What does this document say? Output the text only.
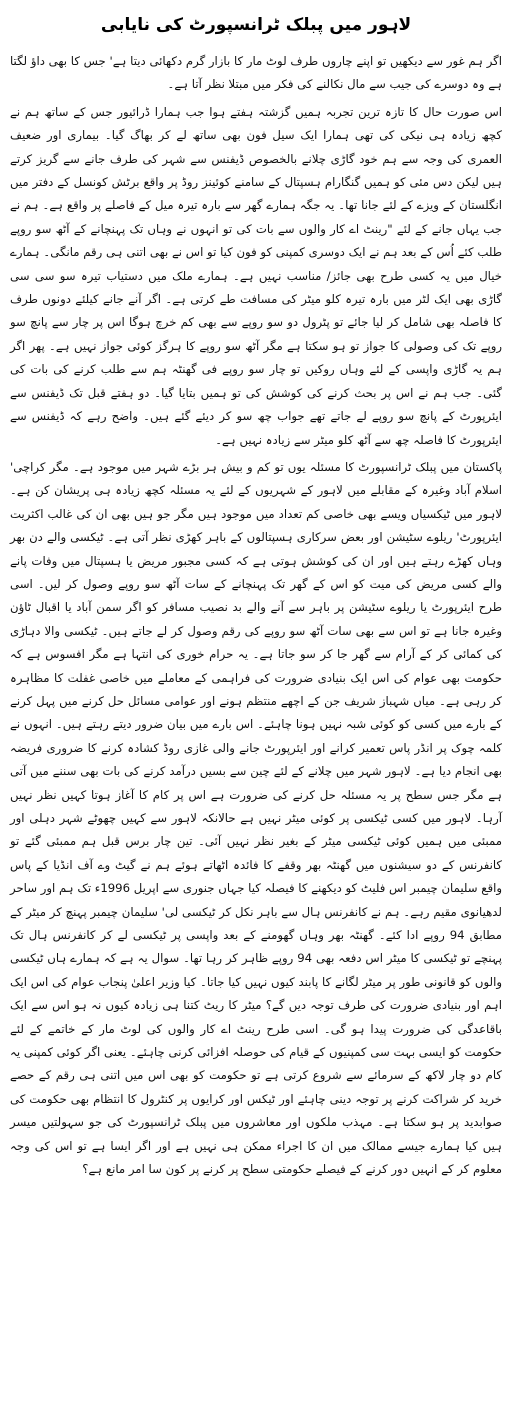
لاہور میں پبلک ٹرانسپورٹ کی نایابی

اگر ہم غور سے دیکھیں تو اپنے چاروں طرف لوٹ مار کا بازار گرم دکھائی دیتا ہے' جس کا بھی داؤ لگتا ہے وہ دوسرے کی جیب سے مال نکالنے کی فکر میں مبتلا نظر آتا ہے۔

اس صورت حال کا تازہ ترین تجربہ ہمیں گزشتہ ہفتے ہوا جب ہمارا ڈرائیور جس کے ساتھ ہم نے کچھ زیادہ ہی نیکی کی تھی ہمارا ایک سیل فون بھی ساتھ لے کر بھاگ گیا۔ بیماری اور ضعیف العمری کی وجہ سے ہم خود گاڑی چلانے بالخصوص ڈیفنس سے شہر کی طرف جانے سے گریز کرتے ہیں لیکن دس مئی کو ہمیں گنگارام ہسپتال کے سامنے کوئینز روڈ پر واقع برٹش کونسل کے دفتر میں انگلستان کے ویزے کے لئے جانا تھا۔ یہ جگہ ہمارے گھر سے بارہ تیرہ میل کے فاصلے پر واقع ہے۔ ہم نے جب یہاں جانے کے لئے "رینٹ اے کار والوں سے بات کی تو انہوں نے وہاں تک پہنچانے کے آٹھ سو روپے طلب کئے اُس کے بعد ہم نے ایک دوسری کمپنی کو فون کیا تو اس نے بھی اتنی ہی رقم مانگی۔ ہمارے خیال میں یہ کسی طرح بھی جائز/ مناسب نہیں ہے۔ ہمارے ملک میں دستیاب تیرہ سو سی سی گاڑی بھی ایک لٹر میں بارہ تیرہ کلو میٹر کی مسافت طے کرتی ہے۔ اگر آنے جانے کیلئے دونوں طرف کا فاصلہ بھی شامل کر لیا جائے تو پٹرول دو سو روپے سے بھی کم خرچ ہوگا اس پر چار سے پانچ سو روپے تک کی وصولی کا جواز تو ہو سکتا ہے مگر آٹھ سو روپے کا ہرگز کوئی جواز نہیں ہے۔ پھر اگر ہم یہ گاڑی واپسی کے لئے وہاں روکیں تو چار سو روپے فی گھنٹہ ہم سے طلب کرنے کی بات کی گئی۔ جب ہم نے اس پر بحث کرنے کی کوشش کی تو ہمیں بتایا گیا۔ دو ہفتے قبل تک ڈیفنس سے ایئرپورٹ کے پانچ سو روپے لے جاتے تھے جواب چھ سو کر دیئے گئے ہیں۔ واضح رہے کہ ڈیفنس سے ایئرپورٹ کا فاصلہ چھ سے آٹھ کلو میٹر سے زیادہ نہیں ہے۔

پاکستان میں پبلک ٹرانسپورٹ کا مسئلہ یوں تو کم و بیش ہر بڑے شہر میں موجود ہے۔ مگر کراچی' اسلام آباد وغیرہ کے مقابلے میں لاہور کے شہریوں کے لئے یہ مسئلہ کچھ زیادہ ہی پریشان کن ہے۔ لاہور میں ٹیکسیاں ویسے بھی خاصی کم تعداد میں موجود ہیں مگر جو ہیں بھی ان کی غالب اکثریت ایئرپورٹ' ریلوے سٹیشن اور بعض سرکاری ہسپتالوں کے باہر کھڑی نظر آتی ہے۔ ٹیکسی والے دن بھر وہاں کھڑے رہتے ہیں اور ان کی کوشش ہوتی ہے کہ کسی مجبور مریض یا ہسپتال میں وفات پانے والے کسی مریض کی میت کو اس کے گھر تک پہنچانے کے سات آٹھ سو روپے وصول کر لیں۔ اسی طرح ایئرپورٹ یا ریلوے سٹیشن پر باہر سے آنے والے بد نصیب مسافر کو اگر سمن آباد یا اقبال ٹاؤن وغیرہ جانا ہے تو اس سے بھی سات آٹھ سو روپے کی رقم وصول کر لے جاتے ہیں۔ ٹیکسی والا دہاڑی کی کمائی کر کے آرام سے گھر جا کر سو جاتا ہے۔ یہ حرام خوری کی انتہا ہے مگر افسوس ہے کہ حکومت بھی عوام کی اس ایک بنیادی ضرورت کی فراہمی کے معاملے میں خاصی غفلت کا مظاہرہ کر رہی ہے۔ میاں شہباز شریف جن کے اچھے منتظم ہونے اور عوامی مسائل حل کرنے میں پہل کرنے کے بارے میں کسی کو کوئی شبہ نہیں ہونا چاہئے۔ اس بارے میں بیان ضرور دیتے رہتے ہیں۔ انہوں نے کلمہ چوک پر انڈر پاس تعمیر کرانے اور ایئرپورٹ جانے والی غازی روڈ کشادہ کرنے کا ضروری فریضہ بھی انجام دیا ہے۔ لاہور شہر میں چلانے کے لئے چین سے بسیں درآمد کرنے کی بات بھی سننے میں آتی ہے مگر جس سطح پر یہ مسئلہ حل کرنے کی ضرورت ہے اس پر کام کا آغاز ہوتا کہیں نظر نہیں آرہا۔ لاہور میں کسی ٹیکسی پر کوئی میٹر نہیں ہے حالانکہ لاہور سے کہیں چھوٹے شہر دہلی اور ممبئی میں ہمیں کوئی ٹیکسی میٹر کے بغیر نظر نہیں آئی۔ تین چار برس قبل ہم ممبئی گئے تو کانفرنس کے دو سیشنوں میں گھنٹہ بھر وقفے کا فائدہ اٹھاتے ہوئے ہم نے گیٹ وے آف انڈیا کے پاس واقع سلیمان چیمبر اس فلیٹ کو دیکھنے کا فیصلہ کیا جہاں جنوری سے اپریل 1996ء تک ہم اور ساحر لدھیانوی مقیم رہے۔ ہم نے کانفرنس ہال سے باہر نکل کر ٹیکسی لی' سلیمان چیمبر پہنچ کر میٹر کے مطابق 94 روپے ادا کئے۔ گھنٹہ بھر وہاں گھومنے کے بعد واپسی پر ٹیکسی لے کر کانفرنس ہال تک پہنچے تو ٹیکسی کا میٹر اس دفعہ بھی 94 روپے ظاہر کر رہا تھا۔ سوال یہ ہے کہ ہمارے ہاں ٹیکسی والوں کو قانونی طور پر میٹر لگانے کا پابند کیوں نہیں کیا جاتا۔ کیا وزیر اعلیٰ پنجاب عوام کی اس ایک اہم اور بنیادی ضرورت کی طرف توجہ دیں گے؟ میٹر کا ریٹ کتنا ہی زیادہ کیوں نہ ہو اس سے ایک باقاعدگی کی ضرورت پیدا ہو گی۔ اسی طرح رینٹ اے کار والوں کی لوٹ مار کے خاتمے کے لئے حکومت کو ایسی بہت سی کمپنیوں کے قیام کی حوصلہ افزائی کرنی چاہئے۔ یعنی اگر کوئی کمپنی یہ کام دو چار لاکھ کے سرمائے سے شروع کرتی ہے تو حکومت کو بھی اس میں اتنی ہی رقم کے حصے خرید کر شراکت کرنے پر توجہ دینی چاہئے اور ٹیکس اور کرایوں پر کنٹرول کا انتظام بھی حکومت کی صوابدید پر ہو سکتا ہے۔ مہذب ملکوں اور معاشروں میں پبلک ٹرانسپورٹ کی جو سہولتیں میسر ہیں کیا ہمارے جیسے ممالک میں ان کا اجراء ممکن ہی نہیں ہے اور اگر ایسا ہے تو اس کی وجہ معلوم کر کے انہیں دور کرنے کے فیصلے حکومتی سطح پر کرنے پر کون سا امر مانع ہے؟
